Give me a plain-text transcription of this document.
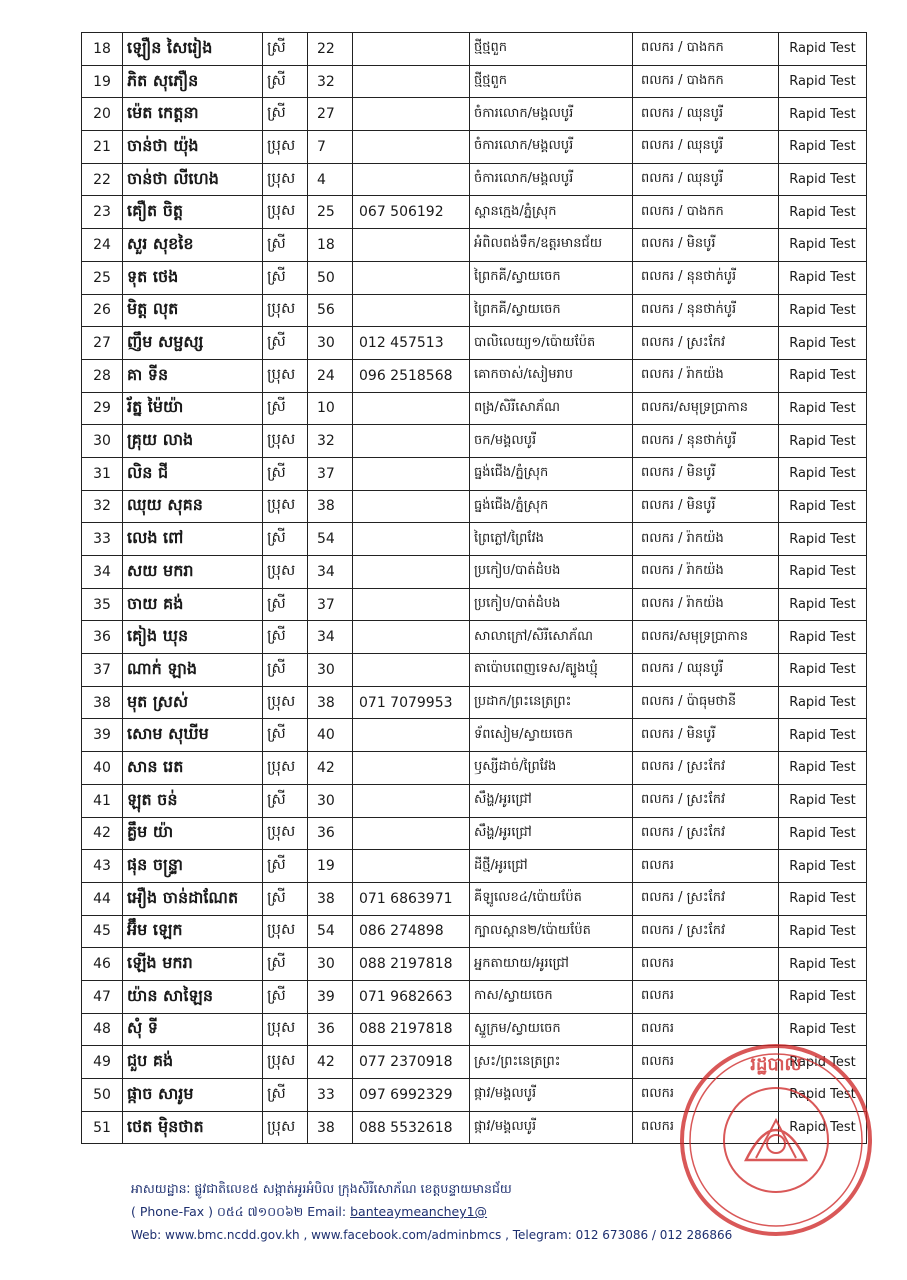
18	ឡឿន សៃរៀង	ស្រី	22		ថ្មីថ្មពួក	ពលករ / បាងកក	Rapid Test
19	ភិត សុភឿន	ស្រី	32		ថ្មីថ្មពួក	ពលករ / បាងកក	Rapid Test
20	ម៉េត កេត្តនា	ស្រី	27		ចំការលោក/មង្គលបូរី	ពលករ / ឈុនបូរី	Rapid Test
21	ចាន់ថា យ៉ុង	ប្រុស	7		ចំការលោក/មង្គលបូរី	ពលករ / ឈុនបូរី	Rapid Test
22	ចាន់ថា លីហេង	ប្រុស	4		ចំការលោក/មង្គលបូរី	ពលករ / ឈុនបូរី	Rapid Test
23	គឿត ចិត្ត	ប្រុស	25	067 506192	ស្ពានក្មេង/ភ្នំស្រុក	ពលករ / បាងកក	Rapid Test
24	សួរ សុខខៃ	ស្រី	18		អំពិលពង់ទឹក/ឧត្តរមានជ័យ	ពលករ / មិនបូរី	Rapid Test
25	ទុត ថេង	ស្រី	50		ព្រៃកគី/ស្វាយចេក	ពលករ / នុនថាក់បូរី	Rapid Test
26	មិត្ត លុត	ប្រុស	56		ព្រៃកគី/ស្វាយចេក	ពលករ / នុនថាក់បូរី	Rapid Test
27	ញឹម សម្ផស្ស	ស្រី	30	012 457513	បាលិលេយ្យ១/ប៉ោយប៉ែត	ពលករ / ស្រះកែវ	Rapid Test
28	គា ទីន	ប្រុស	24	096 2518568	គោកចាស់/សៀមរាប	ពលករ / រ៉ាកយ៉ង	Rapid Test
29	រ័ត្ន ម៉ៃយ៉ា	ស្រី	10		ពង្រ/សិរីសោភ័ណ	ពលករ/សមុទ្រប្រាកាន	Rapid Test
30	គ្រុយ លាង	ប្រុស	32		ចក/មង្គលបូរី	ពលករ / នុនថាក់បូរី	Rapid Test
31	លិន ជី	ស្រី	37		ធ្នង់ជើង/ភ្នំស្រុក	ពលករ / មិនបូរី	Rapid Test
32	ឈុយ សុគន	ប្រុស	38		ធ្នង់ជើង/ភ្នំស្រុក	ពលករ / មិនបូរី	Rapid Test
33	លេង ពៅ	ស្រី	54		ព្រៃភ្លៅ/ព្រៃវែង	ពលករ / រ៉ាកយ៉ង	Rapid Test
34	សយ មករា	ប្រុស	34		ប្រកៀប/បាត់ដំបង	ពលករ / រ៉ាកយ៉ង	Rapid Test
35	ចាយ គង់	ស្រី	37		ប្រកៀប/បាត់ដំបង	ពលករ / រ៉ាកយ៉ង	Rapid Test
36	គៀង ឃុន	ស្រី	34		សាលាក្រៅ/សិរីសោភ័ណ	ពលករ/សមុទ្រប្រាកាន	Rapid Test
37	ណាក់ ឡាង	ស្រី	30		តាប៉ោបពេញទេស/ត្បូងឃ្មុំ	ពលករ / ឈុនបូរី	Rapid Test
38	មុត ស្រស់	ប្រុស	38	071 7079953	ប្រដាក/ព្រះនេត្រព្រះ	ពលករ / ប៉ាធុមថានី	Rapid Test
39	សោម សុឃីម	ស្រី	40		ទ័ពសៀម/ស្វាយចេក	ពលករ / មិនបូរី	Rapid Test
40	សាន រេត	ប្រុស	42		ឫស្សីដាច់/ព្រៃវែង	ពលករ / ស្រះកែវ	Rapid Test
41	ឡុត ចន់	ស្រី	30		សឹង្ហ/អូរជ្រៅ	ពលករ / ស្រះកែវ	Rapid Test
42	គ្លឹម យ៉ា	ប្រុស	36		សឹង្ហ/អូរជ្រៅ	ពលករ / ស្រះកែវ	Rapid Test
43	ផុន ចន្ទ្រា	ស្រី	19		ដីថ្មី/អូរជ្រៅ	ពលករ	Rapid Test
44	អឿង ចាន់ដាណែត	ស្រី	38	071 6863971	គីឡូលេខ៤/ប៉ោយប៉ែត	ពលករ / ស្រះកែវ	Rapid Test
45	អ៊ឹម ឡេក	ប្រុស	54	086 274898	ក្បាលស្ពាន២/ប៉ោយប៉ែត	ពលករ / ស្រះកែវ	Rapid Test
46	ឡើង មករា	ស្រី	30	088 2197818	អ្នកតាយាយ/អូរជ្រៅ	ពលករ	Rapid Test
47	យ៉ាន សាឡៃន	ស្រី	39	071 9682663	កាស/ស្វាយចេក	ពលករ	Rapid Test
48	សុំ ទី	ប្រុស	36	088 2197818	ស្នួក្រម/ស្វាយចេក	ពលករ	Rapid Test
49	ជួប គង់	ប្រុស	42	077 2370918	ស្រះ/ព្រះនេត្រព្រះ	ពលករ	Rapid Test
50	ផ្កាច សារូម	ស្រី	33	097 6992329	ផ្កាវ/មង្គលបូរី	ពលករ	Rapid Test
51	ថេត ម៉ិនថាត	ប្រុស	38	088 5532618	ផ្កាវ/មង្គលបូរី	ពលករ	Rapid Test
អាសយដ្ឋានៈ ផ្លូវជាតិលេខ៥ សង្កាត់អូរអំបិល ក្រុងសិរីសោភ័ណ ខេត្តបន្ទាយមានជ័យ
( Phone-Fax ) ០៥៤ ៧១០០៦២ Email: banteaymeanchey1@
Web: www.bmc.ncdd.gov.kh , www.facebook.com/adminbmcs , Telegram: 012 673086 / 012 286866
រដ្ឋបាល
